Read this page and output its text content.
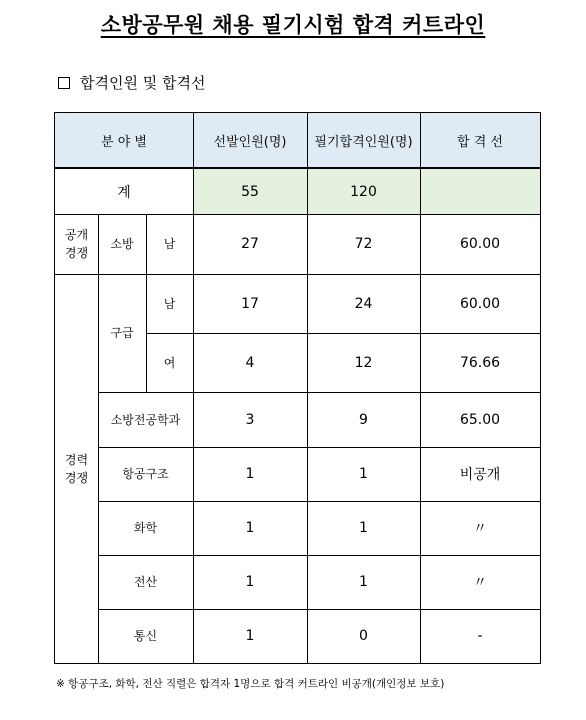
소방공무원 채용 필기시험 합격 커트라인
합격인원 및 합격선
분 야 별	선발인원(명)	필기합격인원(명)	합 격 선
계	55	120
공개
경쟁
소방	남	27	72	60.00
경력
경쟁
구급
남	17	24	60.00
여	4	12	76.66
소방전공학과	3	9	65.00
항공구조	1	1	비공개
화학	1	1	〃
전산	1	1	〃
통신	1	0	-
※ 항공구조, 화학, 전산 직렬은 합격자 1명으로 합격 커트라인 비공개(개인정보 보호)
